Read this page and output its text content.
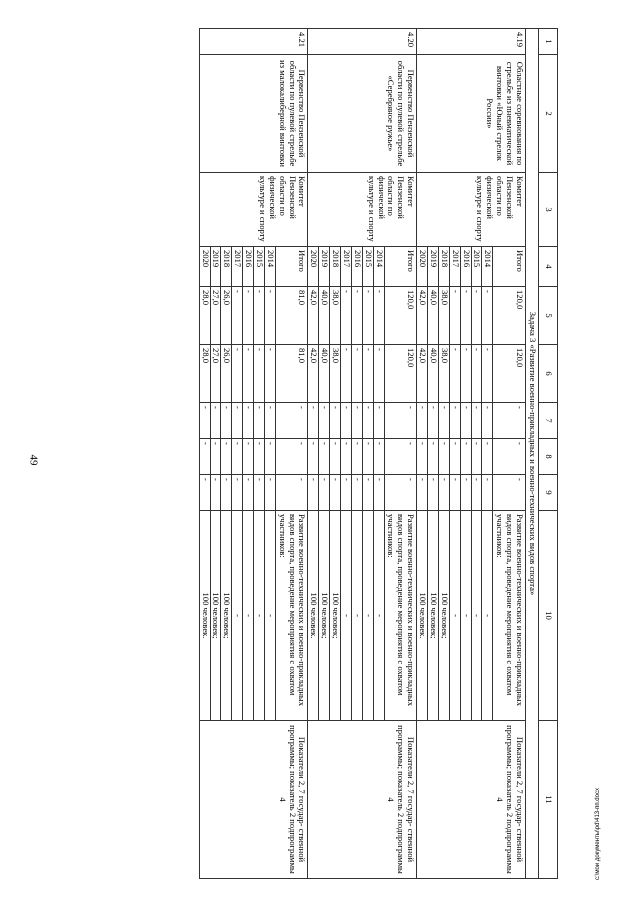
49
1	2	3	4	5	6	7	8	9	10	11
Задача 3 «Развитие военно-прикладных и военно-технических видов спорта»										
4.19	Областные соревнования по стрельбе из пневматической винтовки «Юный стрелок России»	Комитет Пензенской области по физической культуре и спорту	Итого	120,0	120,0	-	-	-	Развитие военно-технических и военно-прикладных видов спорта, проведение мероприятия с охватом участников:	Показатели 2, 7 государ- ственной программы; показатель 2 подпрограммы 4
			2014	-	-	-	-	-	-	
			2015	-	-	-	-	-	-	
			2016	-	-	-	-	-	-	
			2017	-	-	-	-	-	-	
			2018	38,0	38,0	-	-	-	100 человек;	
			2019	40,0	40,0	-	-	-	100 человек;	
			2020	42,0	42,0	-	-	-	100 человек.	
4.20	Первенство Пензенской области по пулевой стрельбе «Серебряное ружье»	Комитет Пензенской области по физической культуре и спорту	Итого	120,0	120,0	-	-	-	Развитие военно-технических и военно-прикладных видов спорта, проведение мероприятия с охватом участников:	Показатели 2, 7 государ- ственной программы; показатель 2 подпрограммы 4
			2014	-	-	-	-	-	-	
			2015	-	-	-	-	-	-	
			2016	-	-	-	-	-	-	
			2017	-	-	-	-	-	-	
			2018	38,0	38,0	-	-	-	100 человек;	
			2019	40,0	40,0	-	-	-	100 человек;	
			2020	42,0	42,0	-	-	-	100 человек.	
4.21	Первенство Пензенской области по пулевой стрельбе из малокалиберной винтовки	Комитет Пензенской области по физической культуре и спорту	Итого	81,0	81,0	-	-	-	Развитие военно-технических и военно-прикладных видов спорта, проведение мероприятия с охватом участников:	Показатели 2, 7 государ- ственной программы; показатель 2 подпрограммы 4
			2014	-	-	-	-	-	-	
			2015	-	-	-	-	-	-	
			2016	-	-	-	-	-	-	
			2017	-	-	-	-	-	-	
			2018	26,0	26,0	-	-	-	100 человек;	
			2019	27,0	27,0	-	-	-	100 человек;	
			2020	28,0	28,0	-	-	-	100 человек.	
c:\мои документы\pd\413-пп.docx
